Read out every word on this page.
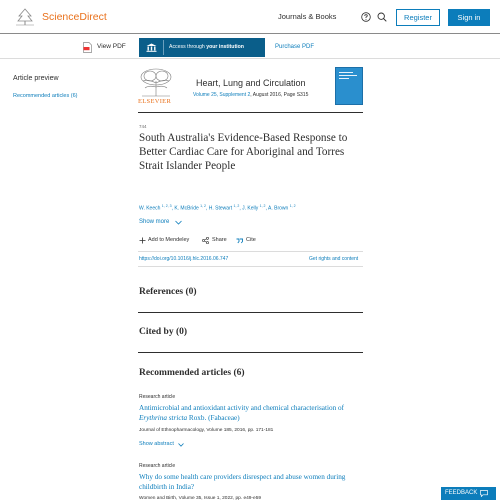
ScienceDirect	Journals & Books	Register	Sign in
View PDF	Access through your institution	Purchase PDF
Article preview
Recommended articles (6)
ELSEVIER
Heart, Lung and Circulation
Volume 25, Supplement 2, August 2016, Page S315
744
South Australia's Evidence-Based Response to Better Cardiac Care for Aboriginal and Torres Strait Islander People
W. Keech $^{1, 2, 3}$, K. McBride $^{1, 2}$, H. Stewart $^{1, 2}$, J. Kelly $^{1, 2}$, A. Brown $^{1, 2}$
Show more
Add to Mendeley	Share	Cite
https://doi.org/10.1016/j.hlc.2016.06.747	Get rights and content
References (0)
Cited by (0)
Recommended articles (6)
Research article
Antimicrobial and antioxidant activity and chemical characterisation of Erythrina stricta Roxb. (Fabaceae)
Journal of Ethnopharmacology, Volume 185, 2016, pp. 171-181
Show abstract
Research article
Why do some health care providers disrespect and abuse women during childbirth in India?
Women and Birth, Volume 35, Issue 1, 2022, pp. e49-e59
FEEDBACK
